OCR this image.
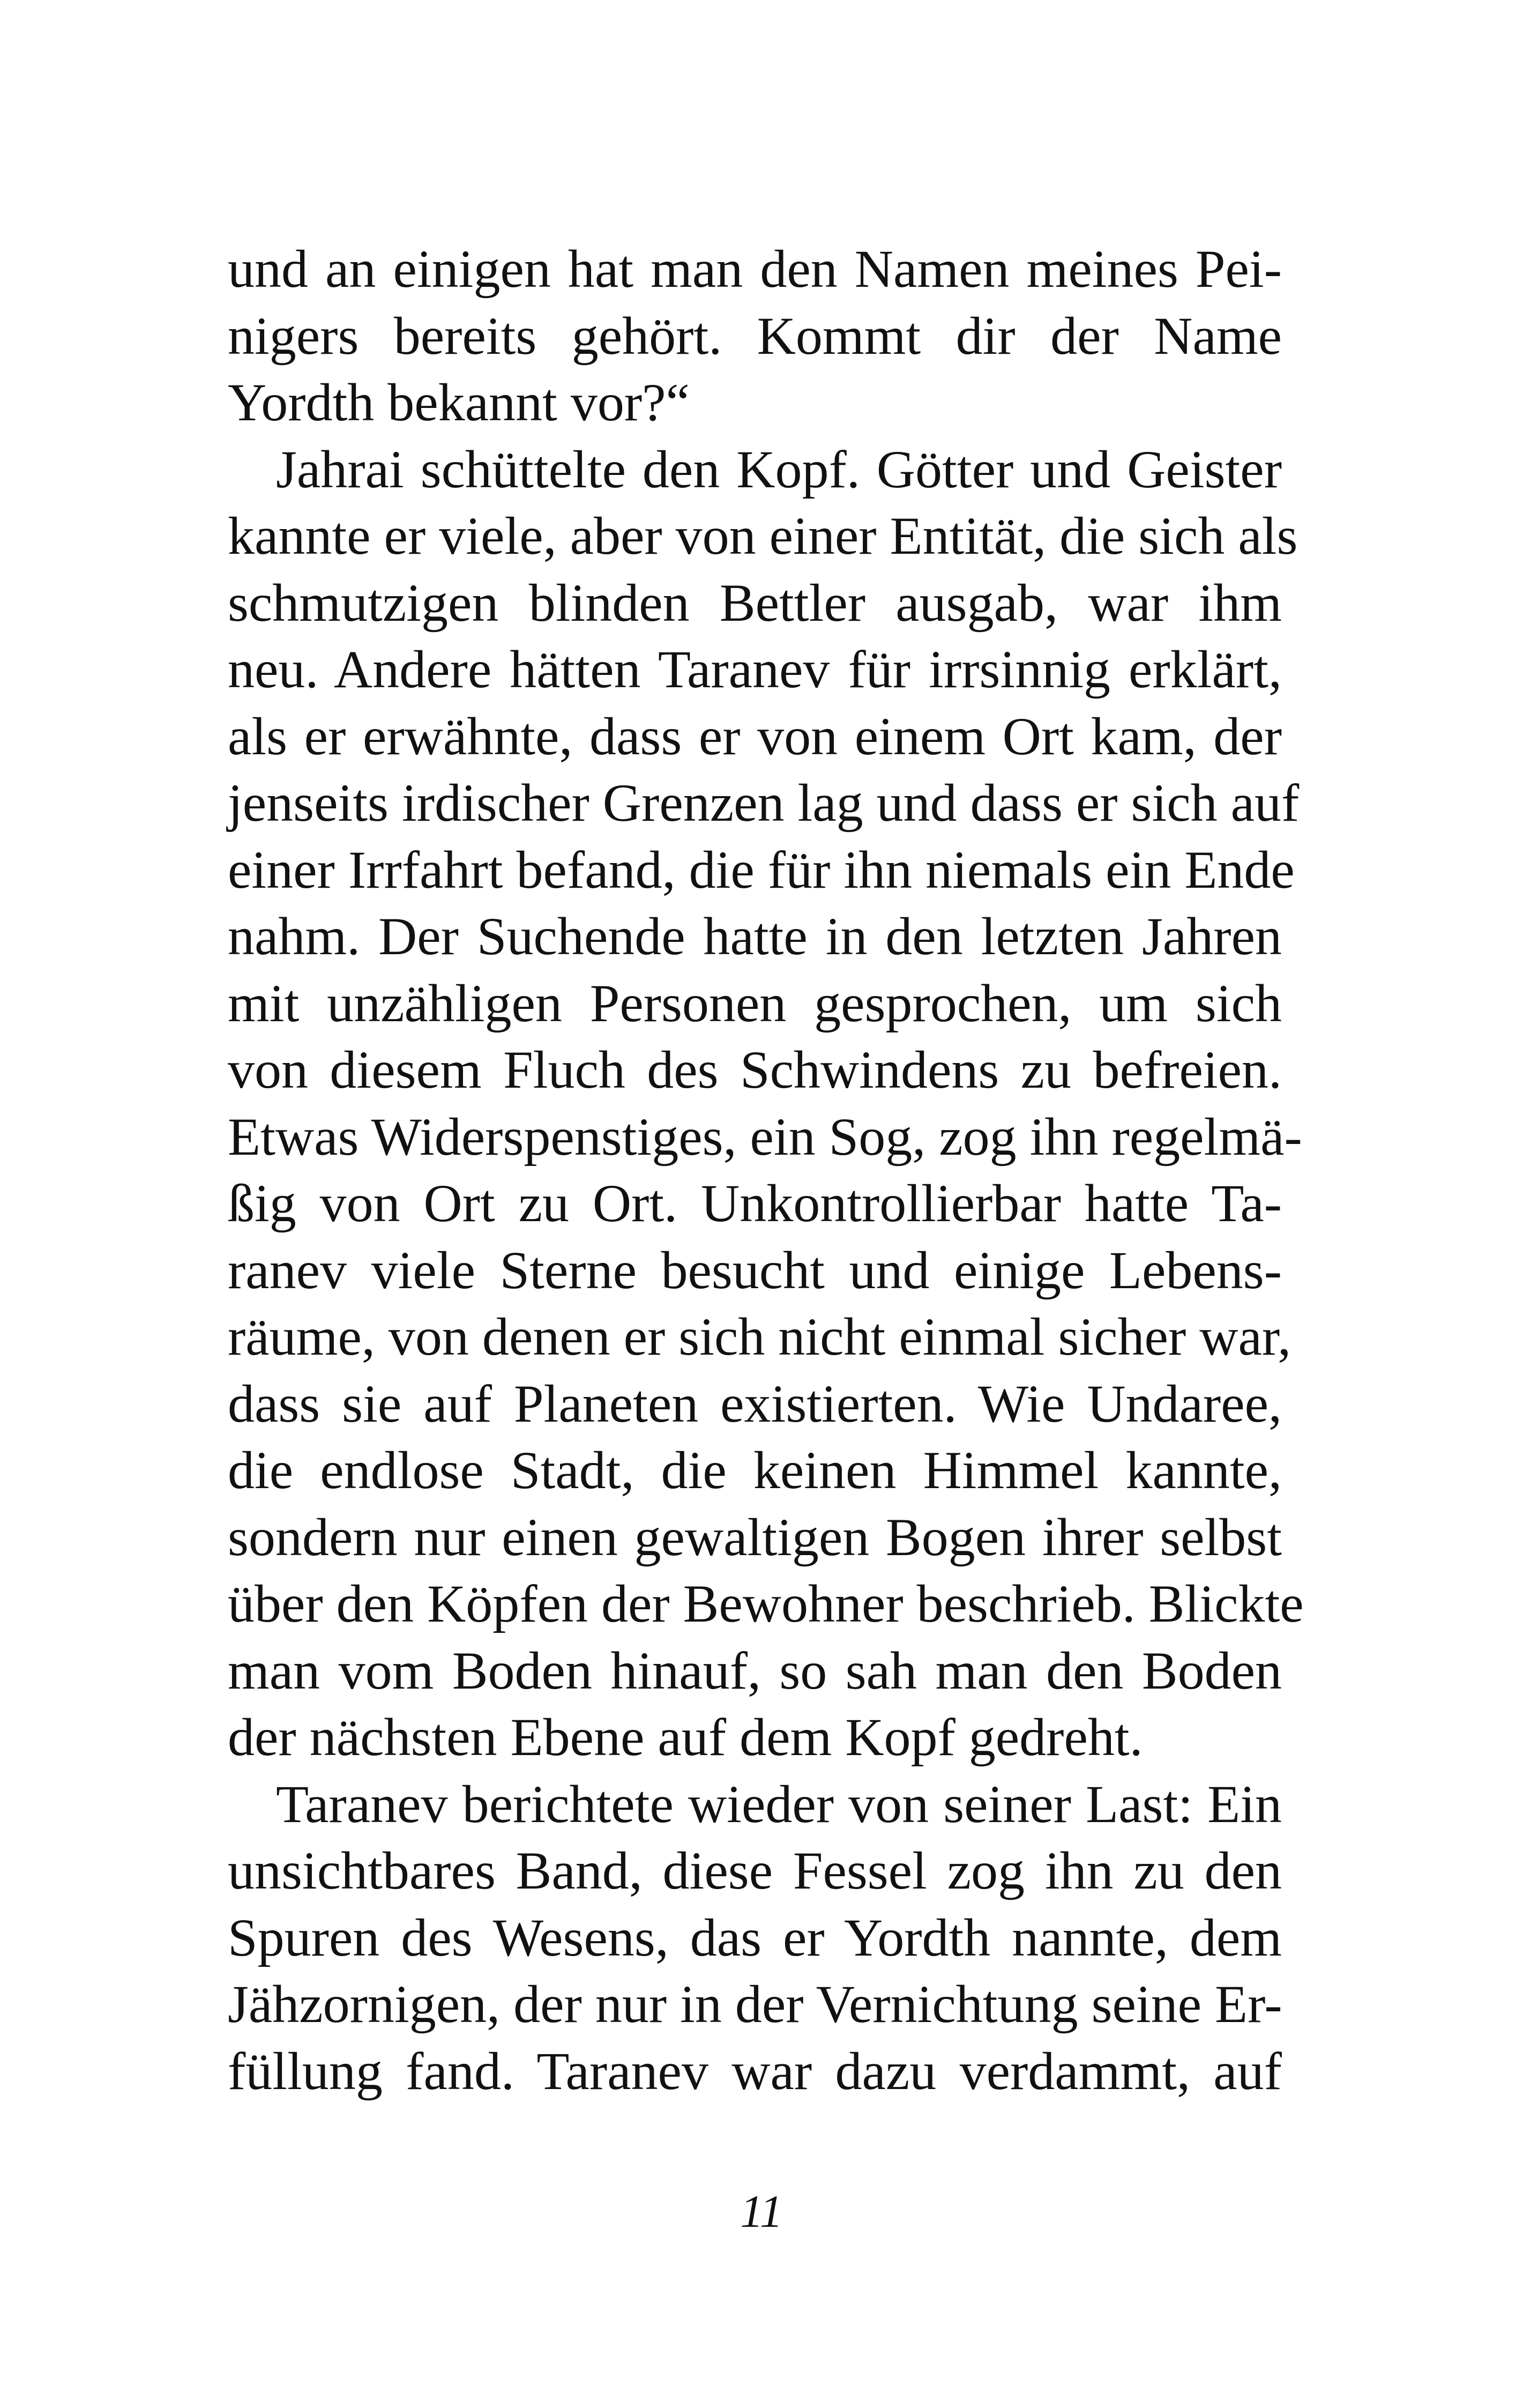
und an einigen hat man den Namen meines Pei-
nigers bereits gehört. Kommt dir der Name
Yordth bekannt vor?“
Jahrai schüttelte den Kopf. Götter und Geister
kannte er viele, aber von einer Entität, die sich als
schmutzigen blinden Bettler ausgab, war ihm
neu. Andere hätten Taranev für irrsinnig erklärt,
als er erwähnte, dass er von einem Ort kam, der
jenseits irdischer Grenzen lag und dass er sich auf
einer Irrfahrt befand, die für ihn niemals ein Ende
nahm. Der Suchende hatte in den letzten Jahren
mit unzähligen Personen gesprochen, um sich
von diesem Fluch des Schwindens zu befreien.
Etwas Widerspenstiges, ein Sog, zog ihn regelmä-
ßig von Ort zu Ort. Unkontrollierbar hatte Ta-
ranev viele Sterne besucht und einige Lebens-
räume, von denen er sich nicht einmal sicher war,
dass sie auf Planeten existierten. Wie Undaree,
die endlose Stadt, die keinen Himmel kannte,
sondern nur einen gewaltigen Bogen ihrer selbst
über den Köpfen der Bewohner beschrieb. Blickte
man vom Boden hinauf, so sah man den Boden
der nächsten Ebene auf dem Kopf gedreht.
Taranev berichtete wieder von seiner Last: Ein
unsichtbares Band, diese Fessel zog ihn zu den
Spuren des Wesens, das er Yordth nannte, dem
Jähzornigen, der nur in der Vernichtung seine Er-
füllung fand. Taranev war dazu verdammt, auf
11
